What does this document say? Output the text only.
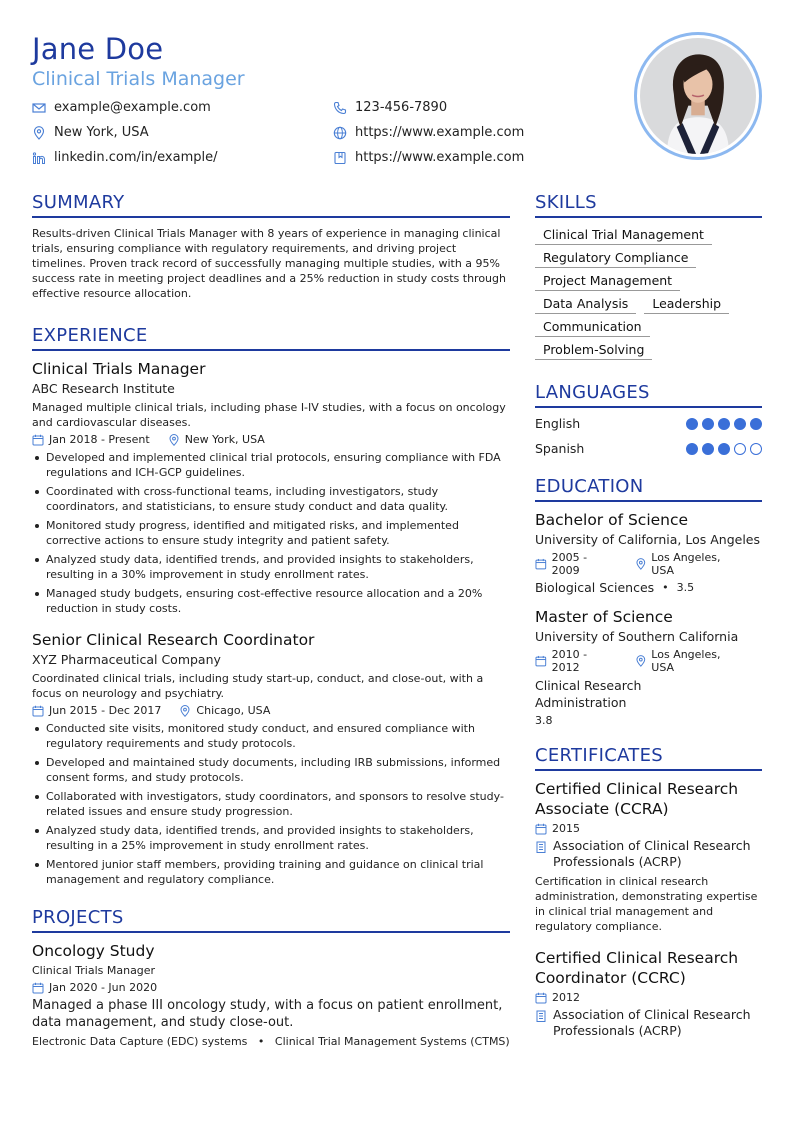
Jane Doe
Clinical Trials Manager
example@example.com	123-456-7890
New York, USA	https://www.example.com
linkedin.com/in/example/	https://www.example.com
SUMMARY
Results-driven Clinical Trials Manager with 8 years of experience in managing clinical trials, ensuring compliance with regulatory requirements, and driving project timelines. Proven track record of successfully managing multiple studies, with a 95% success rate in meeting project deadlines and a 25% reduction in study costs through effective resource allocation.
EXPERIENCE
Clinical Trials Manager
ABC Research Institute
Managed multiple clinical trials, including phase I-IV studies, with a focus on oncology and cardiovascular diseases.
Jan 2018 - Present	New York, USA
Developed and implemented clinical trial protocols, ensuring compliance with FDA regulations and ICH-GCP guidelines.
Coordinated with cross-functional teams, including investigators, study coordinators, and statisticians, to ensure study conduct and data quality.
Monitored study progress, identified and mitigated risks, and implemented corrective actions to ensure study integrity and patient safety.
Analyzed study data, identified trends, and provided insights to stakeholders, resulting in a 30% improvement in study enrollment rates.
Managed study budgets, ensuring cost-effective resource allocation and a 20% reduction in study costs.
Senior Clinical Research Coordinator
XYZ Pharmaceutical Company
Coordinated clinical trials, including study start-up, conduct, and close-out, with a focus on neurology and psychiatry.
Jun 2015 - Dec 2017	Chicago, USA
Conducted site visits, monitored study conduct, and ensured compliance with regulatory requirements and study protocols.
Developed and maintained study documents, including IRB submissions, informed consent forms, and study protocols.
Collaborated with investigators, study coordinators, and sponsors to resolve study-related issues and ensure study progression.
Analyzed study data, identified trends, and provided insights to stakeholders, resulting in a 25% improvement in study enrollment rates.
Mentored junior staff members, providing training and guidance on clinical trial management and regulatory compliance.
PROJECTS
Oncology Study
Clinical Trials Manager
Jan 2020 - Jun 2020
Managed a phase III oncology study, with a focus on patient enrollment, data management, and study close-out.
Electronic Data Capture (EDC) systems • Clinical Trial Management Systems (CTMS)
SKILLS
Clinical Trial Management
Regulatory Compliance
Project Management
Data Analysis	Leadership
Communication
Problem-Solving
LANGUAGES
English
Spanish
EDUCATION
Bachelor of Science
University of California, Los Angeles
2005 - 2009
Los Angeles, USA
Biological Sciences • 3.5
Master of Science
University of Southern California
2010 - 2012
Los Angeles, USA
Clinical Research Administration
3.8
CERTIFICATES
Certified Clinical Research Associate (CCRA)
2015
Association of Clinical Research Professionals (ACRP)
Certification in clinical research administration, demonstrating expertise in clinical trial management and regulatory compliance.
Certified Clinical Research Coordinator (CCRC)
2012
Association of Clinical Research Professionals (ACRP)
